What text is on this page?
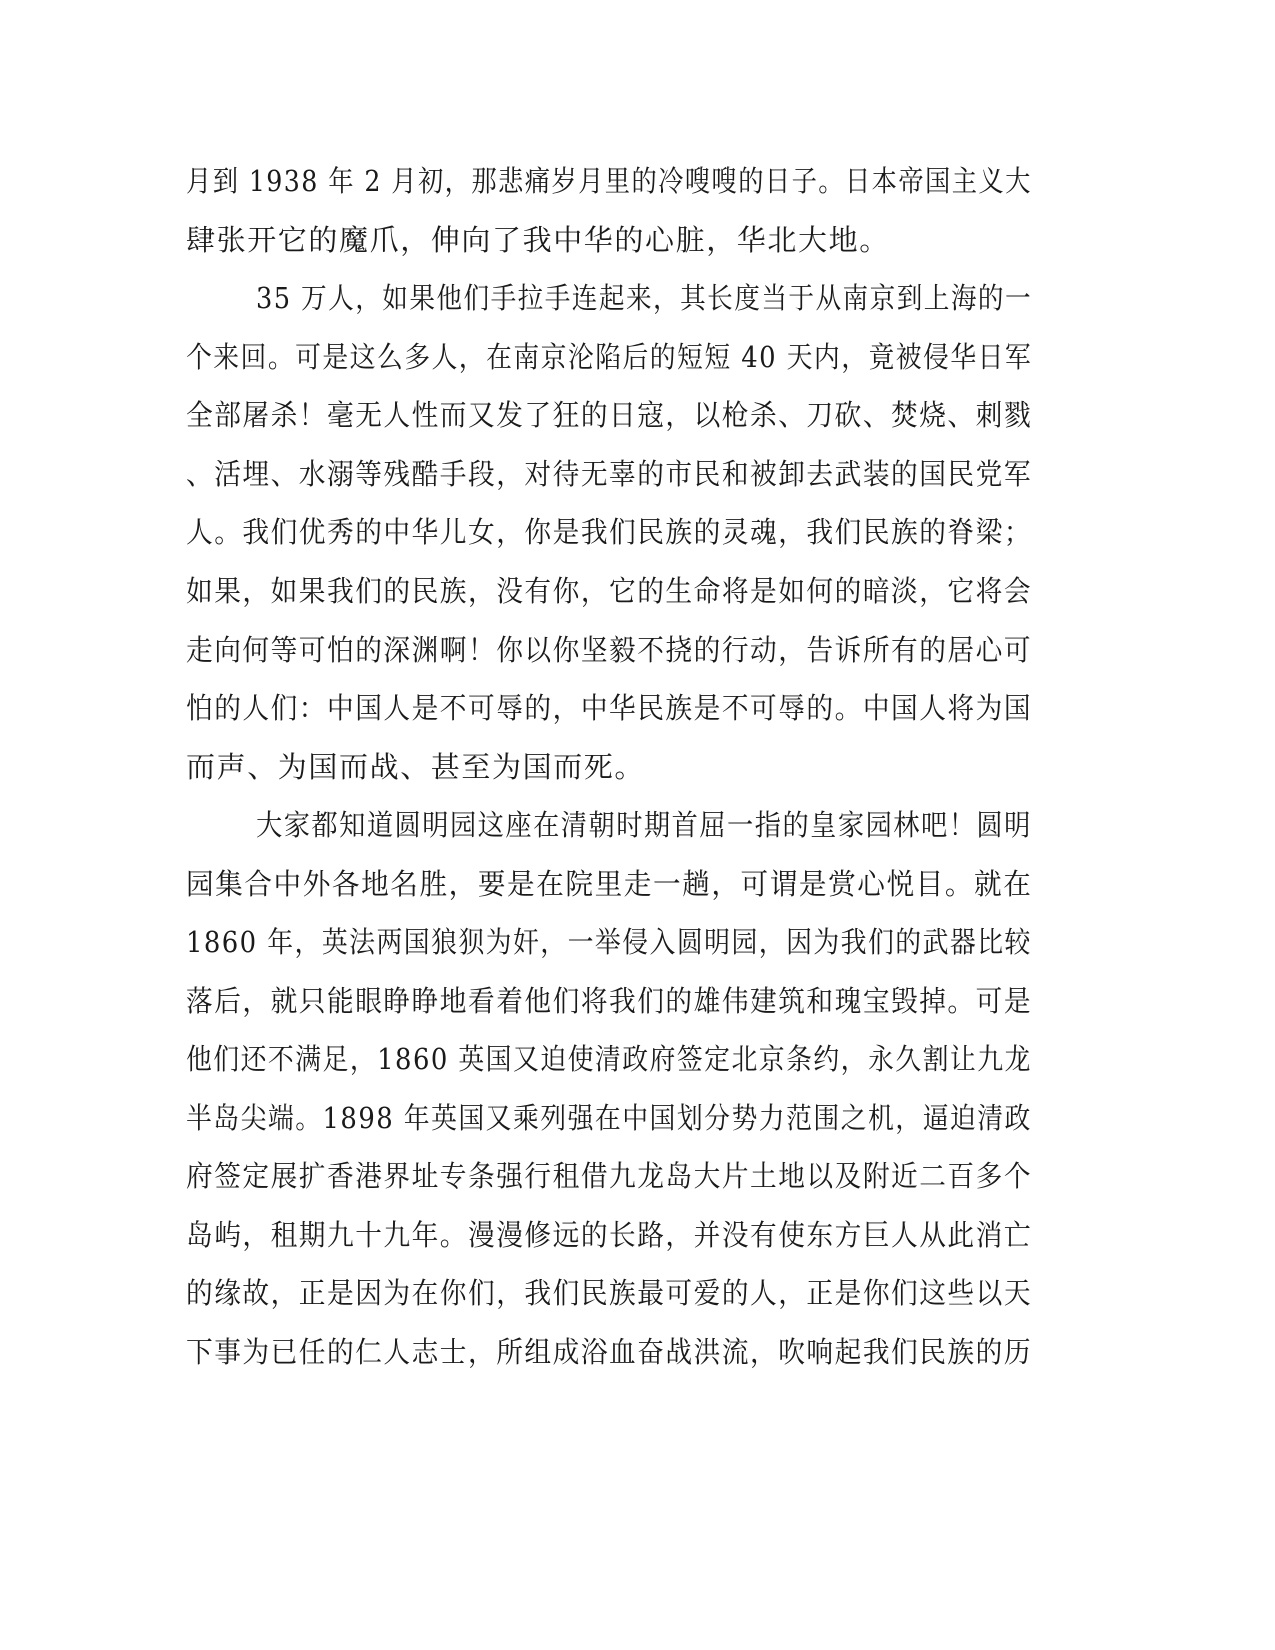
月到 1938 年 2 月初，那悲痛岁月里的冷嗖嗖的日子。日本帝国主义大
肆张开它的魔爪，伸向了我中华的心脏，华北大地。
35 万人，如果他们手拉手连起来，其长度当于从南京到上海的一
个来回。可是这么多人，在南京沦陷后的短短 40 天内，竟被侵华日军
全部屠杀！毫无人性而又发了狂的日寇，以枪杀、刀砍、焚烧、刺戮
、活埋、水溺等残酷手段，对待无辜的市民和被卸去武装的国民党军
人。我们优秀的中华儿女，你是我们民族的灵魂，我们民族的脊梁；
如果，如果我们的民族，没有你，它的生命将是如何的暗淡，它将会
走向何等可怕的深渊啊！你以你坚毅不挠的行动，告诉所有的居心可
怕的人们：中国人是不可辱的，中华民族是不可辱的。中国人将为国
而声、为国而战、甚至为国而死。
大家都知道圆明园这座在清朝时期首屈一指的皇家园林吧！圆明
园集合中外各地名胜，要是在院里走一趟，可谓是赏心悦目。就在
1860 年，英法两国狼狈为奸，一举侵入圆明园，因为我们的武器比较
落后，就只能眼睁睁地看着他们将我们的雄伟建筑和瑰宝毁掉。可是
他们还不满足，1860 英国又迫使清政府签定北京条约，永久割让九龙
半岛尖端。1898 年英国又乘列强在中国划分势力范围之机，逼迫清政
府签定展扩香港界址专条强行租借九龙岛大片土地以及附近二百多个
岛屿，租期九十九年。漫漫修远的长路，并没有使东方巨人从此消亡
的缘故，正是因为在你们，我们民族最可爱的人，正是你们这些以天
下事为已任的仁人志士，所组成浴血奋战洪流，吹响起我们民族的历
